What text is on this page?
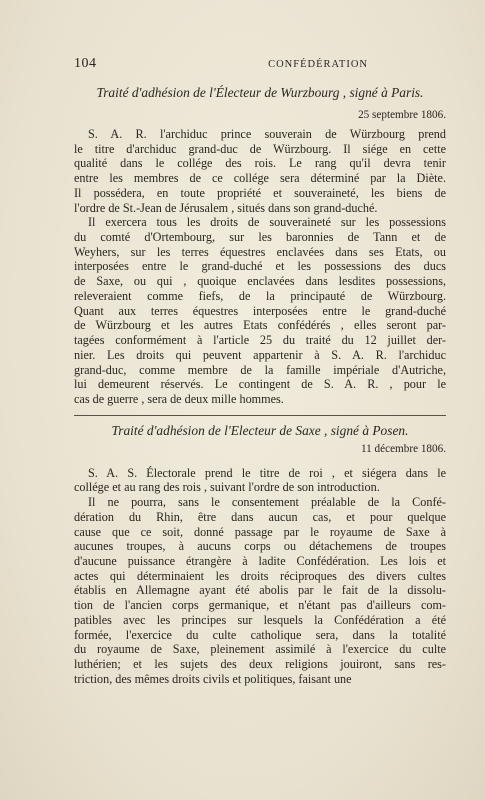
104	CONFÉDÉRATION
Traité d'adhésion de l'Électeur de Wurzbourg , signé à Paris.
25 septembre 1806.
S. A. R. l'archiduc prince souverain de Würzbourg prend
le titre d'archiduc grand-duc de Würzbourg. Il siége en cette
qualité dans le collége des rois. Le rang qu'il devra tenir
entre les membres de ce collége sera déterminé par la Diète.
Il possédera, en toute propriété et souveraineté, les biens de
l'ordre de St.-Jean de Jérusalem , situés dans son grand-duché.
Il exercera tous les droits de souveraineté sur les possessions
du comté d'Ortembourg, sur les baronnies de Tann et de
Weyhers, sur les terres équestres enclavées dans ses Etats, ou
interposées entre le grand-duché et les possessions des ducs
de Saxe, ou qui , quoique enclavées dans lesdites possessions,
releveraient comme fiefs, de la principauté de Würzbourg.
Quant aux terres équestres interposées entre le grand-duché
de Würzbourg et les autres Etats confédérés , elles seront par-
tagées conformément à l'article 25 du traité du 12 juillet der-
nier. Les droits qui peuvent appartenir à S. A. R. l'archiduc
grand-duc, comme membre de la famille impériale d'Autriche,
lui demeurent réservés. Le contingent de S. A. R. , pour le
cas de guerre , sera de deux mille hommes.
Traité d'adhésion de l'Electeur de Saxe , signé à Posen.
11 décembre 1806.
S. A. S. Électorale prend le titre de roi , et siégera dans le
collége et au rang des rois , suivant l'ordre de son introduction.
Il ne pourra, sans le consentement préalable de la Confé-
dération du Rhin, être dans aucun cas, et pour quelque
cause que ce soit, donné passage par le royaume de Saxe à
aucunes troupes, à aucuns corps ou détachemens de troupes
d'aucune puissance étrangère à ladite Confédération. Les lois et
actes qui déterminaient les droits réciproques des divers cultes
établis en Allemagne ayant été abolis par le fait de la dissolu-
tion de l'ancien corps germanique, et n'étant pas d'ailleurs com-
patibles avec les principes sur lesquels la Confédération a été
formée, l'exercice du culte catholique sera, dans la totalité
du royaume de Saxe, pleinement assimilé à l'exercice du culte
luthérien; et les sujets des deux religions jouiront, sans res-
triction, des mêmes droits civils et politiques, faisant une
